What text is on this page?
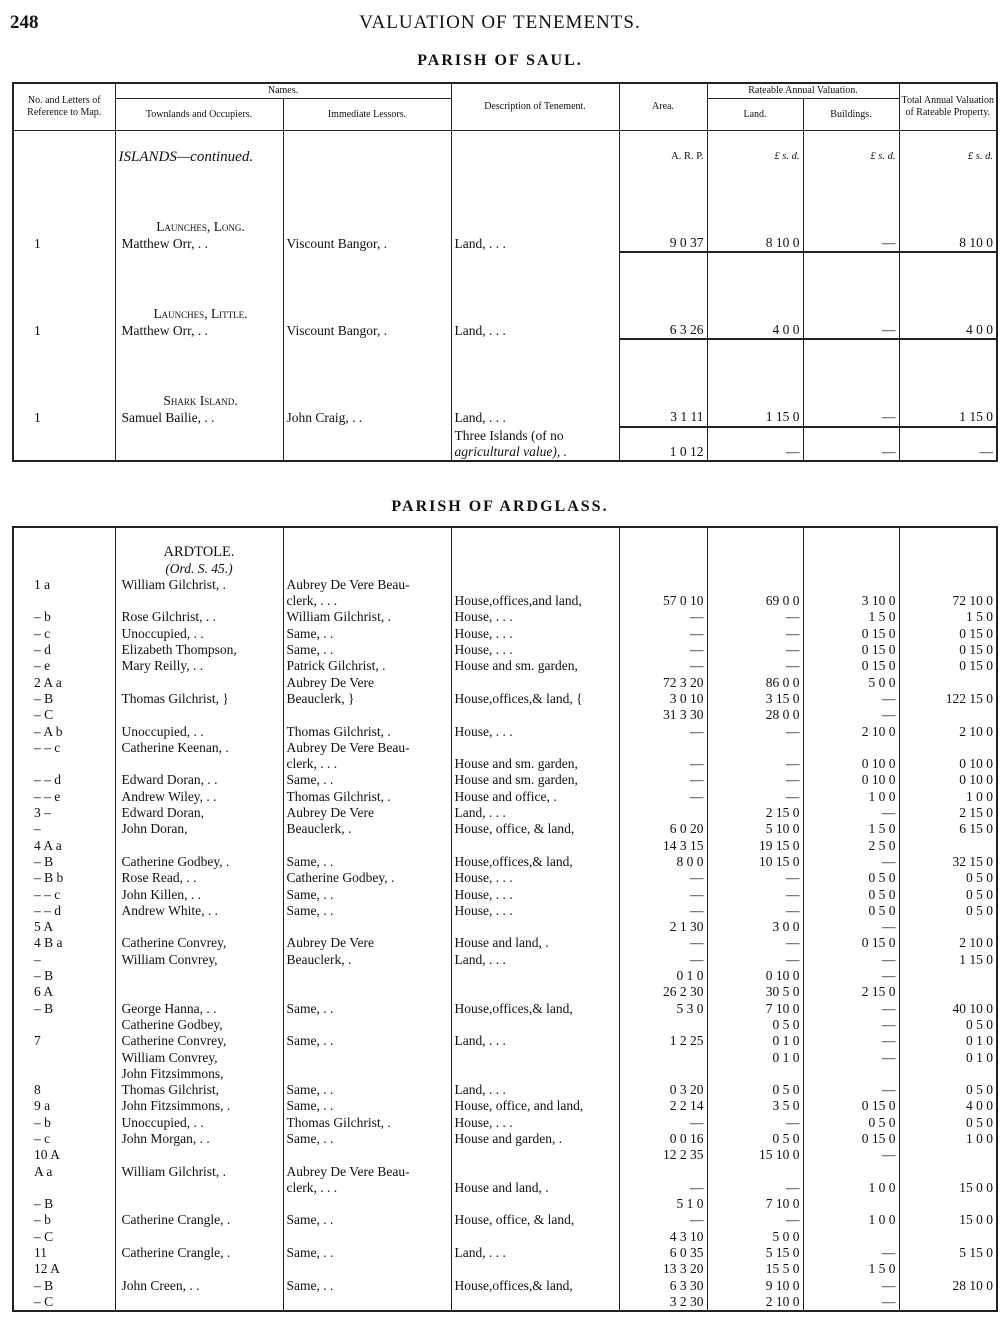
248	VALUATION OF TENEMENTS.
PARISH OF SAUL.
No. and Letters of Reference to Map.	Names.		Description of Tenement.	Area.	Rateable Annual Valuation.		Total Annual Valuation of Rateable Property.
	Townlands and Occupiers.	Immediate Lessors.			Land.	Buildings.	

	ISLANDS—continued.			A. R. P.	£ s. d.	£ s. d.	£ s. d.
	Launches, Long.						
1	Matthew Orr, . .	Viscount Bangor, .	Land, . . .	9 0 37	8 10 0	—	8 10 0
	Launches, Little.						
1	Matthew Orr, . .	Viscount Bangor, .	Land, . . .	6 3 26	4 0 0	—	4 0 0
	Shark Island.						
1	Samuel Bailie, . .	John Craig, . .	Land, . . .	3 1 11	1 15 0	—	1 15 0
			Three Islands (of no				
			agricultural value), .	1 0 12	—	—	—
PARISH OF ARDGLASS.

	ARDTOLE.						
	(Ord. S. 45.)						
1 a	William Gilchrist, .	Aubrey De Vere Beau-					
		clerk, . . .	House,offices,and land,	57 0 10	69 0 0	3 10 0	72 10 0
– b	Rose Gilchrist, . .	William Gilchrist, .	House, . . .	—	—	1 5 0	1 5 0
– c	Unoccupied, . .	Same, . .	House, . . .	—	—	0 15 0	0 15 0
– d	Elizabeth Thompson,	Same, . .	House, . . .	—	—	0 15 0	0 15 0
– e	Mary Reilly, . .	Patrick Gilchrist, .	House and sm. garden,	—	—	0 15 0	0 15 0
2 A a		Aubrey De Vere		72 3 20	86 0 0	5 0 0	
– B	Thomas Gilchrist, }	Beauclerk, }	House,offices,& land, {	3 0 10	3 15 0	—	122 15 0
– C				31 3 30	28 0 0	—	
– A b	Unoccupied, . .	Thomas Gilchrist, .	House, . . .	—	—	2 10 0	2 10 0
– – c	Catherine Keenan, .	Aubrey De Vere Beau-					
		clerk, . . .	House and sm. garden,	—	—	0 10 0	0 10 0
– – d	Edward Doran, . .	Same, . .	House and sm. garden,	—	—	0 10 0	0 10 0
– – e	Andrew Wiley, . .	Thomas Gilchrist, .	House and office, .	—	—	1 0 0	1 0 0
3 –	Edward Doran,	Aubrey De Vere	Land, . . .		2 15 0	—	2 15 0
–	John Doran,	Beauclerk, .	House, office, & land,	6 0 20	5 10 0	1 5 0	6 15 0
4 A a				14 3 15	19 15 0	2 5 0	
– B	Catherine Godbey, .	Same, . .	House,offices,& land,	8 0 0	10 15 0	—	32 15 0
– B b	Rose Read, . .	Catherine Godbey, .	House, . . .	—	—	0 5 0	0 5 0
– – c	John Killen, . .	Same, . .	House, . . .	—	—	0 5 0	0 5 0
– – d	Andrew White, . .	Same, . .	House, . . .	—	—	0 5 0	0 5 0
5 A				2 1 30	3 0 0	—	
4 B a	Catherine Convrey,	Aubrey De Vere	House and land, .	—	—	0 15 0	2 10 0
–	William Convrey,	Beauclerk, .	Land, . . .	—	—	—	1 15 0
– B				0 1 0	0 10 0	—	
6 A				26 2 30	30 5 0	2 15 0	
– B	George Hanna, . .	Same, . .	House,offices,& land,	5 3 0	7 10 0	—	40 10 0
	Catherine Godbey,				0 5 0	—	0 5 0
7	Catherine Convrey,	Same, . .	Land, . . .	1 2 25	0 1 0	—	0 1 0
	William Convrey,				0 1 0	—	0 1 0
	John Fitzsimmons,						
8	Thomas Gilchrist,	Same, . .	Land, . . .	0 3 20	0 5 0	—	0 5 0
9 a	John Fitzsimmons, .	Same, . .	House, office, and land,	2 2 14	3 5 0	0 15 0	4 0 0
– b	Unoccupied, . .	Thomas Gilchrist, .	House, . . .	—	—	0 5 0	0 5 0
– c	John Morgan, . .	Same, . .	House and garden, .	0 0 16	0 5 0	0 15 0	1 0 0
10 A				12 2 35	15 10 0	—	
A a	William Gilchrist, .	Aubrey De Vere Beau-					
		clerk, . . .	House and land, .	—	—	1 0 0	15 0 0
– B				5 1 0	7 10 0		
– b	Catherine Crangle, .	Same, . .	House, office, & land,	—	—	1 0 0	15 0 0
– C				4 3 10	5 0 0		
11	Catherine Crangle, .	Same, . .	Land, . . .	6 0 35	5 15 0	—	5 15 0
12 A				13 3 20	15 5 0	1 5 0	
– B	John Creen, . .	Same, . .	House,offices,& land,	6 3 30	9 10 0	—	28 10 0
– C				3 2 30	2 10 0	—	
